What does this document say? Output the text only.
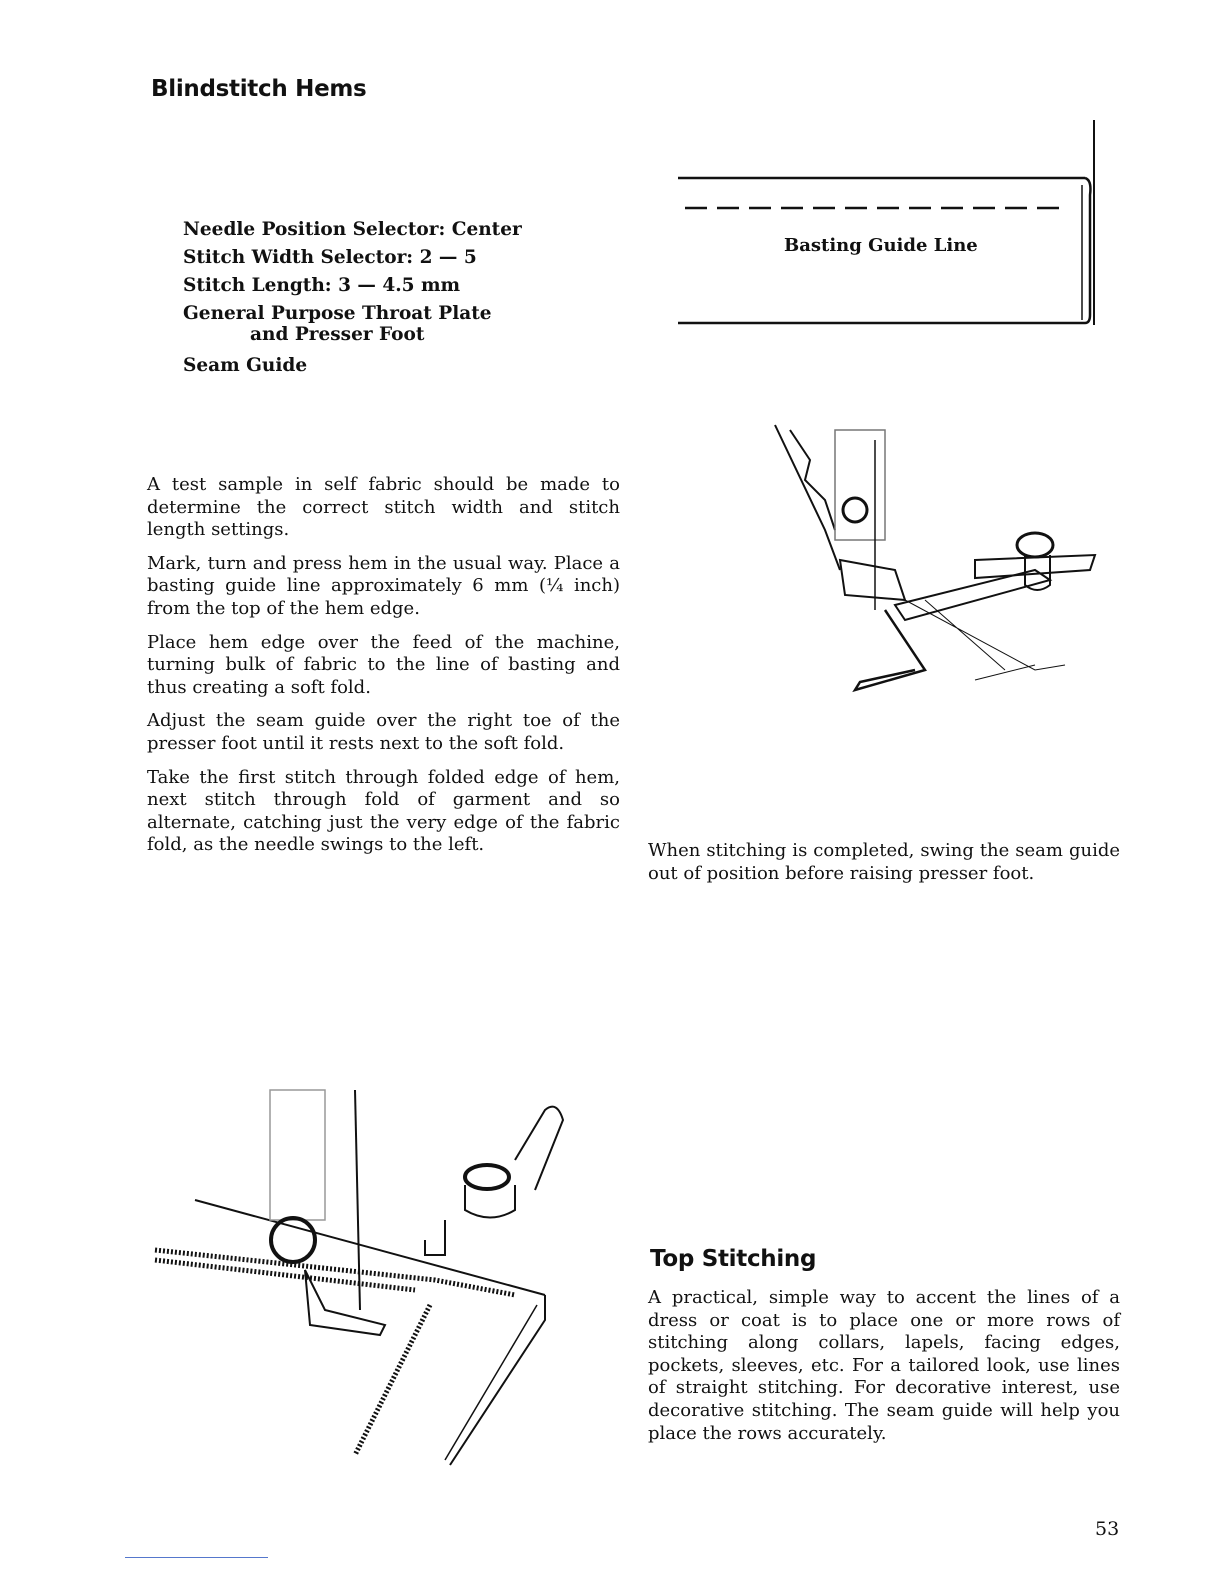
Blindstitch Hems
Needle Position Selector: Center
Stitch Width Selector: 2 — 5
Stitch Length: 3 — 4.5 mm
General Purpose Throat Plate
and Presser Foot
Seam Guide

A test sample in self fabric should be made to determine the correct stitch width and stitch length settings.

Mark, turn and press hem in the usual way. Place a basting guide line approximately 6 mm (¼ inch) from the top of the hem edge.

Place hem edge over the feed of the machine, turning bulk of fabric to the line of basting and thus creating a soft fold.

Adjust the seam guide over the right toe of the presser foot until it rests next to the soft fold.

Take the first stitch through folded edge of hem, next stitch through fold of garment and so alternate, catching just the very edge of the fabric fold, as the needle swings to the left.

Basting Guide Line
When stitching is completed, swing the seam guide out of position before raising presser foot.
Top Stitching
A practical, simple way to accent the lines of a dress or coat is to place one or more rows of stitching along collars, lapels, facing edges, pockets, sleeves, etc. For a tailored look, use lines of straight stitching. For decorative interest, use decorative stitching. The seam guide will help you place the rows accurately.
53
